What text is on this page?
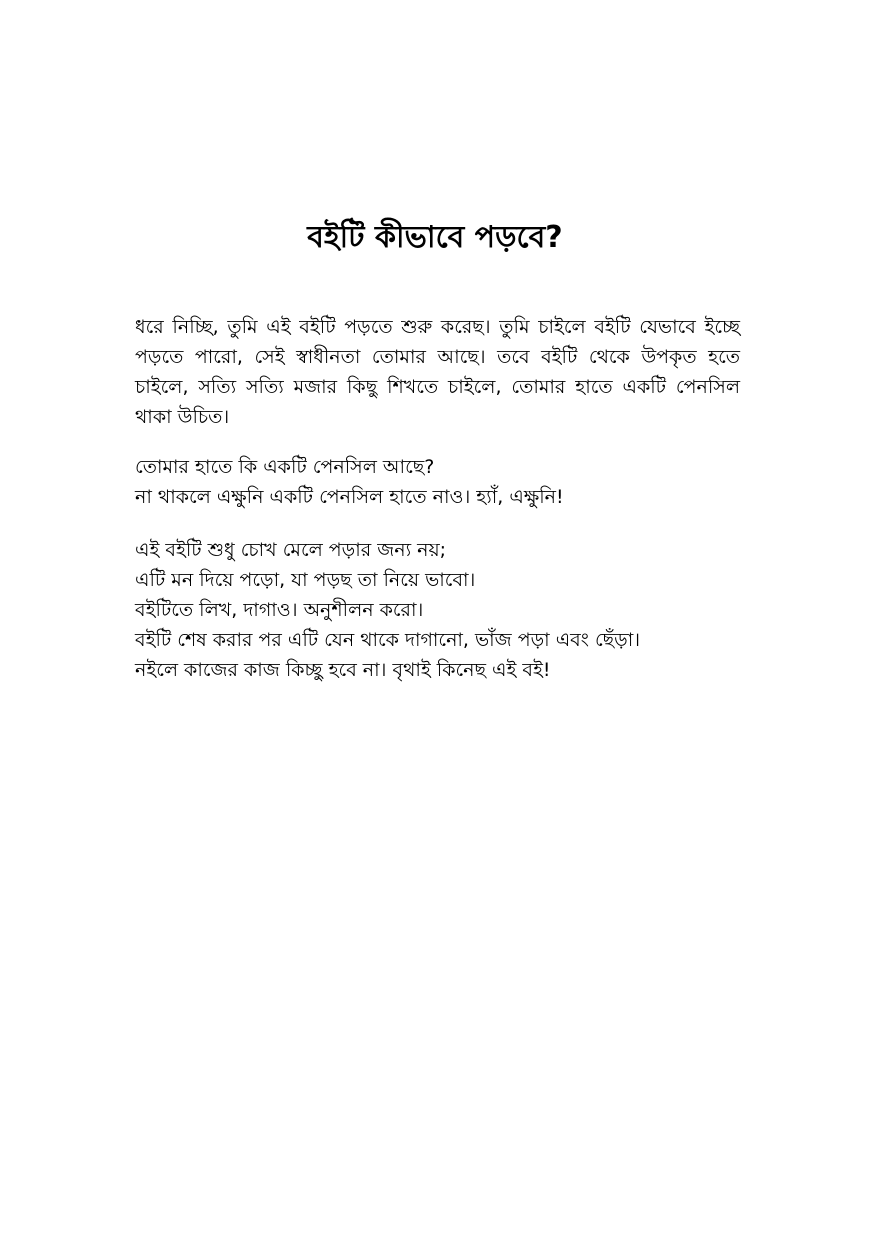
বইটি কীভাবে পড়বে?

ধরে নিচ্ছি, তুমি এই বইটি পড়তে শুরু করেছ। তুমি চাইলে বইটি যেভাবে ইচ্ছে পড়তে পারো, সেই স্বাধীনতা তোমার আছে। তবে বইটি থেকে উপকৃত হতে চাইলে, সত্যি সত্যি মজার কিছু শিখতে চাইলে, তোমার হাতে একটি পেনসিল থাকা উচিত।

তোমার হাতে কি একটি পেনসিল আছে?
না থাকলে এক্ষুনি একটি পেনসিল হাতে নাও। হ্যাঁ, এক্ষুনি!
এই বইটি শুধু চোখ মেলে পড়ার জন্য নয়;
এটি মন দিয়ে পড়ো, যা পড়ছ তা নিয়ে ভাবো।
বইটিতে লিখ, দাগাও। অনুশীলন করো।
বইটি শেষ করার পর এটি যেন থাকে দাগানো, ভাঁজ পড়া এবং ছেঁড়া।
নইলে কাজের কাজ কিচ্ছু হবে না। বৃথাই কিনেছ এই বই!
